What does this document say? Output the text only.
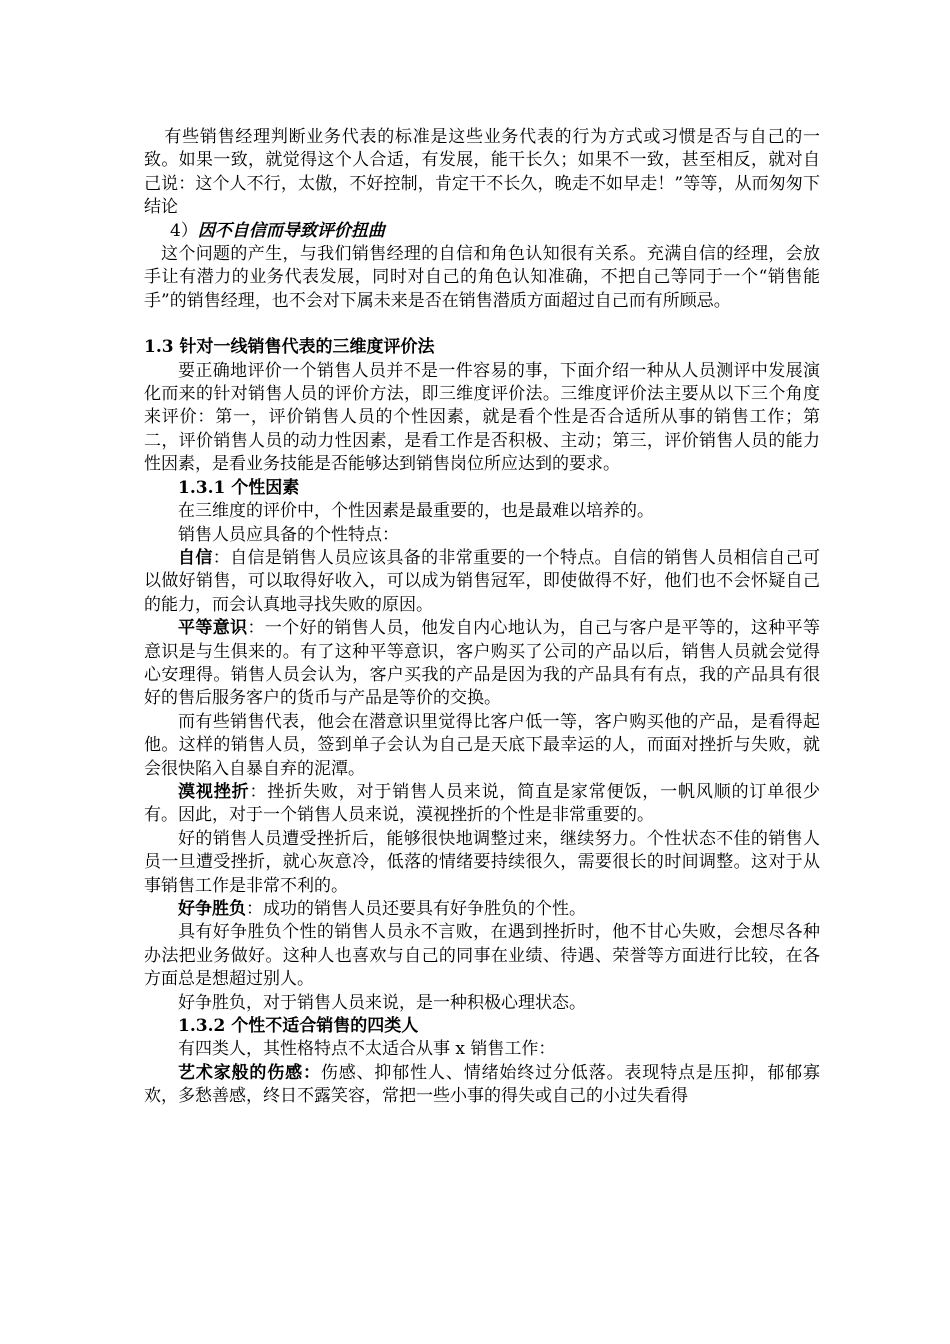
有些销售经理判断业务代表的标准是这些业务代表的行为方式或习惯是否与自己的一致。如果一致，就觉得这个人合适，有发展，能干长久；如果不一致，甚至相反，就对自己说：这个人不行，太傲，不好控制，肯定干不长久，晚走不如早走！”等等，从而匆匆下结论

4）因不自信而导致评价扭曲

这个问题的产生，与我们销售经理的自信和角色认知很有关系。充满自信的经理，会放手让有潜力的业务代表发展，同时对自己的角色认知准确，不把自己等同于一个“销售能手”的销售经理，也不会对下属未来是否在销售潜质方面超过自己而有所顾忌。

1.3 针对一线销售代表的三维度评价法

要正确地评价一个销售人员并不是一件容易的事，下面介绍一种从人员测评中发展演化而来的针对销售人员的评价方法，即三维度评价法。三维度评价法主要从以下三个角度来评价：第一，评价销售人员的个性因素，就是看个性是否合适所从事的销售工作；第二，评价销售人员的动力性因素，是看工作是否积极、主动；第三，评价销售人员的能力性因素，是看业务技能是否能够达到销售岗位所应达到的要求。

1.3.1 个性因素

在三维度的评价中，个性因素是最重要的，也是最难以培养的。

销售人员应具备的个性特点：

自信：自信是销售人员应该具备的非常重要的一个特点。自信的销售人员相信自己可以做好销售，可以取得好收入，可以成为销售冠军，即使做得不好，他们也不会怀疑自己的能力，而会认真地寻找失败的原因。

平等意识：一个好的销售人员，他发自内心地认为，自己与客户是平等的，这种平等意识是与生俱来的。有了这种平等意识，客户购买了公司的产品以后，销售人员就会觉得心安理得。销售人员会认为，客户买我的产品是因为我的产品具有有点，我的产品具有很好的售后服务客户的货币与产品是等价的交换。

而有些销售代表，他会在潜意识里觉得比客户低一等，客户购买他的产品，是看得起他。这样的销售人员，签到单子会认为自己是天底下最幸运的人，而面对挫折与失败，就会很快陷入自暴自弃的泥潭。

漠视挫折：挫折失败，对于销售人员来说，简直是家常便饭，一帆风顺的订单很少有。因此，对于一个销售人员来说，漠视挫折的个性是非常重要的。

好的销售人员遭受挫折后，能够很快地调整过来，继续努力。个性状态不佳的销售人员一旦遭受挫折，就心灰意冷，低落的情绪要持续很久，需要很长的时间调整。这对于从事销售工作是非常不利的。

好争胜负：成功的销售人员还要具有好争胜负的个性。

具有好争胜负个性的销售人员永不言败，在遇到挫折时，他不甘心失败，会想尽各种办法把业务做好。这种人也喜欢与自己的同事在业绩、待遇、荣誉等方面进行比较，在各方面总是想超过别人。

好争胜负，对于销售人员来说，是一种积极心理状态。

1.3.2 个性不适合销售的四类人

有四类人，其性格特点不太适合从事 x 销售工作：

艺术家般的伤感：伤感、抑郁性人、情绪始终过分低落。表现特点是压抑，郁郁寡欢，多愁善感，终日不露笑容，常把一些小事的得失或自己的小过失看得
